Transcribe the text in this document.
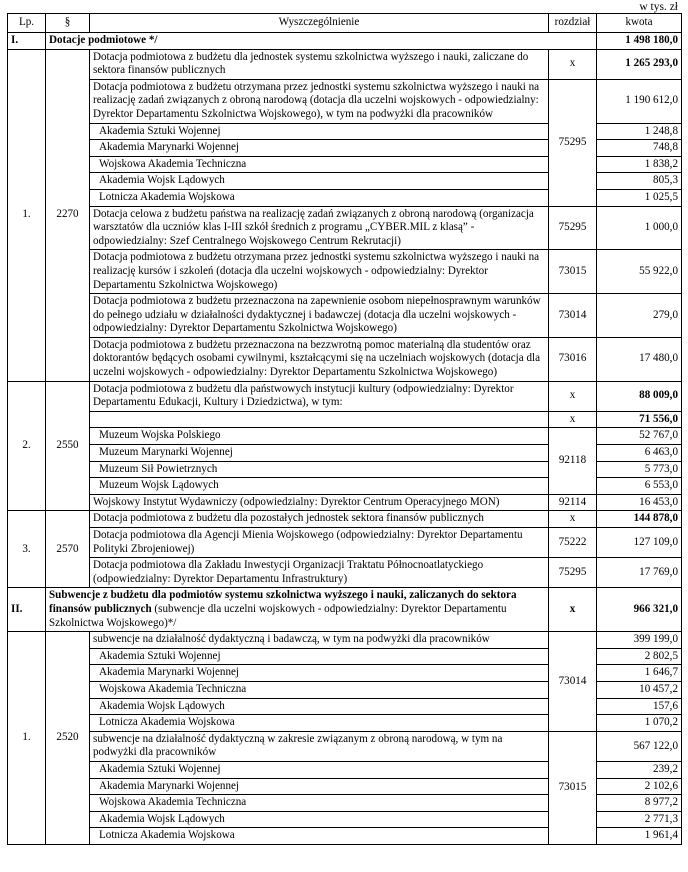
w tys. zł
Lp.	§	Wyszczególnienie	rozdział	kwota
I.	Dotacje podmiotowe */			1 498 180,0
1.	2270	Dotacja podmiotowa z budżetu dla jednostek systemu szkolnictwa wyższego i nauki, zaliczane do sektora finansów publicznych	x	1 265 293,0
		Dotacja podmiotowa z budżetu otrzymana przez jednostki systemu szkolnictwa wyższego i nauki na realizację zadań związanych z obroną narodową (dotacja dla uczelni wojskowych - odpowiedzialny: Dyrektor Departamentu Szkolnictwa Wojskowego), w tym na podwyżki dla pracowników	75295	1 190 612,0
		Akademia Sztuki Wojennej		1 248,8
		Akademia Marynarki Wojennej		748,8
		Wojskowa Akademia Techniczna		1 838,2
		Akademia Wojsk Lądowych		805,3
		Lotnicza Akademia Wojskowa		1 025,5
		Dotacja celowa z budżetu państwa na realizację zadań związanych z obroną narodową (organizacja warsztatów dla uczniów klas I-III szkół średnich z programu „CYBER.MIL z klasą” - odpowiedzialny: Szef Centralnego Wojskowego Centrum Rekrutacji)	75295	1 000,0
		Dotacja podmiotowa z budżetu otrzymana przez jednostki systemu szkolnictwa wyższego i nauki na realizację kursów i szkoleń (dotacja dla uczelni wojskowych - odpowiedzialny: Dyrektor Departamentu Szkolnictwa Wojskowego)	73015	55 922,0
		Dotacja podmiotowa z budżetu przeznaczona na zapewnienie osobom niepełnosprawnym warunków do pełnego udziału w działalności dydaktycznej i badawczej (dotacja dla uczelni wojskowych - odpowiedzialny: Dyrektor Departamentu Szkolnictwa Wojskowego)	73014	279,0
		Dotacja podmiotowa z budżetu przeznaczona na bezzwrotną pomoc materialną dla studentów oraz doktorantów będących osobami cywilnymi, kształcącymi się na uczelniach wojskowych (dotacja dla uczelni wojskowych - odpowiedzialny: Dyrektor Departamentu Szkolnictwa Wojskowego)	73016	17 480,0
2.	2550	Dotacja podmiotowa z budżetu dla państwowych instytucji kultury (odpowiedzialny: Dyrektor Departamentu Edukacji, Kultury i Dziedzictwa), w tym:	x	88 009,0
			x	71 556,0
		Muzeum Wojska Polskiego	92118	52 767,0
		Muzeum Marynarki Wojennej		6 463,0
		Muzeum Sił Powietrznych		5 773,0
		Muzeum Wojsk Lądowych		6 553,0
		Wojskowy Instytut Wydawniczy (odpowiedzialny: Dyrektor Centrum Operacyjnego MON)	92114	16 453,0
3.	2570	Dotacja podmiotowa z budżetu dla pozostałych jednostek sektora finansów publicznych	x	144 878,0
		Dotacja podmiotowa dla Agencji Mienia Wojskowego (odpowiedzialny: Dyrektor Departamentu Polityki Zbrojeniowej)	75222	127 109,0
		Dotacja podmiotowa dla Zakładu Inwestycji Organizacji Traktatu Północnoatlatyckiego (odpowiedzialny: Dyrektor Departamentu Infrastruktury)	75295	17 769,0
II.	Subwencje z budżetu dla podmiotów systemu szkolnictwa wyższego i nauki, zaliczanych do sektora finansów publicznych (subwencje dla uczelni wojskowych - odpowiedzialny: Dyrektor Departamentu Szkolnictwa Wojskowego)*/		x	966 321,0
1.	2520	subwencje na działalność dydaktyczną i badawczą, w tym na podwyżki dla pracowników	73014	399 199,0
		Akademia Sztuki Wojennej		2 802,5
		Akademia Marynarki Wojennej		1 646,7
		Wojskowa Akademia Techniczna		10 457,2
		Akademia Wojsk Lądowych		157,6
		Lotnicza Akademia Wojskowa		1 070,2
		subwencje na działalność dydaktyczną w zakresie związanym z obroną narodową, w tym na podwyżki dla pracowników	73015	567 122,0
		Akademia Sztuki Wojennej		239,2
		Akademia Marynarki Wojennej		2 102,6
		Wojskowa Akademia Techniczna		8 977,2
		Akademia Wojsk Lądowych		2 771,3
		Lotnicza Akademia Wojskowa		1 961,4
